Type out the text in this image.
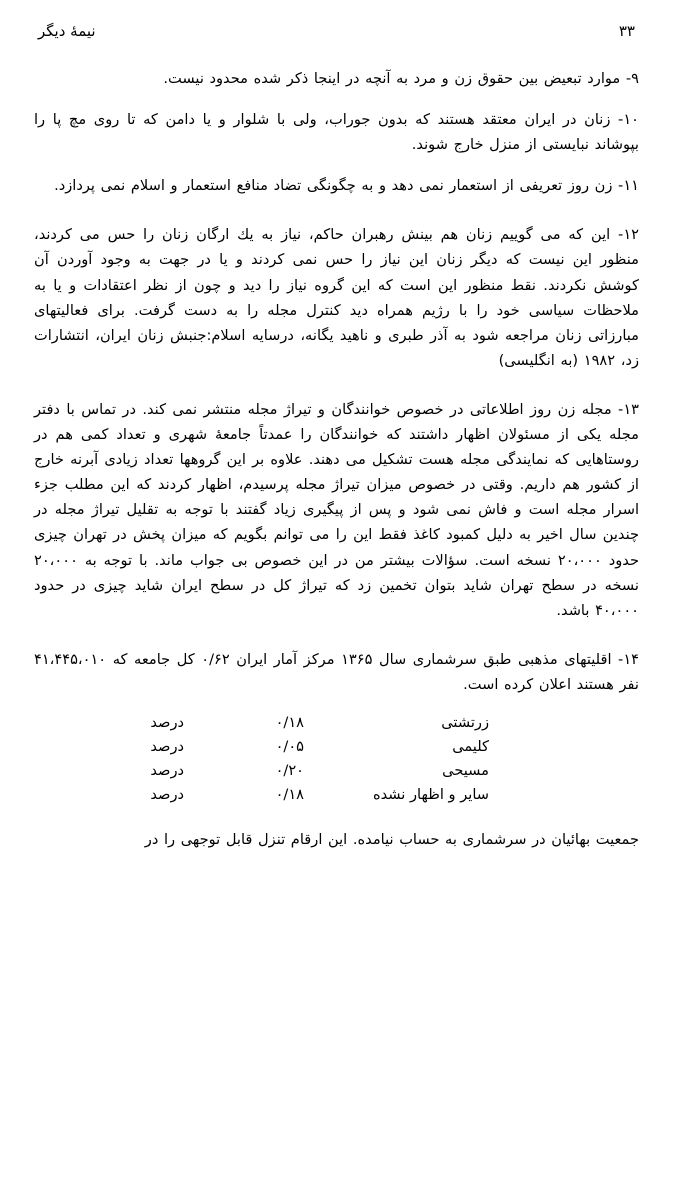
نیمهٔ دیگر	۳۳

۹- موارد تبعیض بین حقوق زن و مرد به آنچه در اینجا ذکر شده محدود نیست.

۱۰- زنان در ایران معتقد هستند که بدون جوراب، ولی با شلوار و یا دامن که تا روی مچ پا را بپوشاند نبایستی از منزل خارج شوند.

۱۱- زن روز تعریفی از استعمار نمی دهد و به چگونگی تضاد منافع استعمار و اسلام نمی پردازد.

۱۲- این که می گوییم زنان هم بینش رهبران حاکم، نیاز به یك ارگان زنان را حس می کردند، منظور این نیست که دیگر زنان این نیاز را حس نمی کردند و یا در جهت به وجود آوردن آن کوشش نکردند. نقط منظور این است که این گروه نیاز را دید و چون از نظر اعتقادات و یا به ملاحظات سیاسی خود را با رژیم همراه دید کنترل مجله را به دست گرفت. برای فعالیتهای مبارزاتی زنان مراجعه شود به آذر طبری و ناهید یگانه، درسایه اسلام:جنبش زنان ایران، انتشارات زد، ۱۹۸۲ (به انگلیسی)

۱۳- مجله زن روز اطلاعاتی در خصوص خوانندگان و تیراژ مجله منتشر نمی کند. در تماس با دفتر مجله یکی از مسئولان اظهار داشتند که خوانندگان را عمدتاً جامعهٔ شهری و تعداد کمی هم در روستاهایی که نمایندگی مجله هست تشکیل می دهند. علاوه بر این گروهها تعداد زیادی آبرنه خارج از کشور هم داریم. وقتی در خصوص میزان تیراژ مجله پرسیدم، اظهار کردند که این مطلب جزء اسرار مجله است و فاش نمی شود و پس از پیگیری زیاد گفتند با توجه به تقلیل تیراژ مجله در چندین سال اخیر به دلیل کمبود کاغذ فقط این را می توانم بگویم که میزان پخش در تهران چیزی حدود ۲۰،۰۰۰ نسخه است. سؤالات بیشتر من در این خصوص بی جواب ماند. با توجه به ۲۰،۰۰۰ نسخه در سطح تهران شاید بتوان تخمین زد که تیراژ کل در سطح ایران شاید چیزی در حدود ۴۰،۰۰۰ باشد.

۱۴- اقلیتهای مذهبی طبق سرشماری سال ۱۳۶۵ مرکز آمار ایران ۰/۶۲ کل جامعه که ۴۱،۴۴۵،۰۱۰ نفر هستند اعلان کرده است.

زرتشتی
۰/۱۸
درصد
کلیمی
۰/۰۵
درصد
مسیحی
۰/۲۰
درصد
سایر و اظهار نشده
۰/۱۸
درصد

جمعیت بهائیان در سرشماری به حساب نیامده. این ارقام تنزل قابل توجهی را در
